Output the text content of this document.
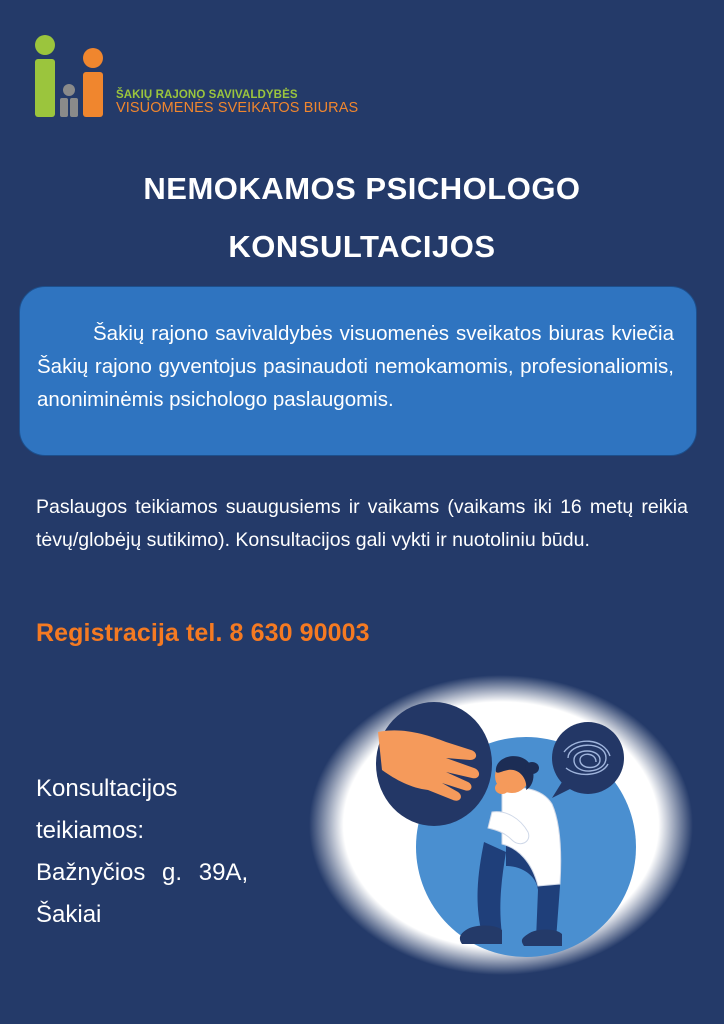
ŠAKIŲ RAJONO SAVIVALDYBĖS
VISUOMENĖS SVEIKATOS BIURAS
NEMOKAMOS PSICHOLOGO
KONSULTACIJOS
Šakių rajono savivaldybės visuomenės sveikatos biuras kviečia Šakių rajono gyventojus pasinaudoti nemokamomis, profesionaliomis, anoniminėmis psichologo paslaugomis.
Paslaugos teikiamos suaugusiems ir vaikams (vaikams iki 16 metų reikia tėvų/globėjų sutikimo). Konsultacijos gali vykti ir nuotoliniu būdu.
Registracija tel. 8 630 90003
Konsultacijos
teikiamos:
Bažnyčios g. 39A,
Šakiai
